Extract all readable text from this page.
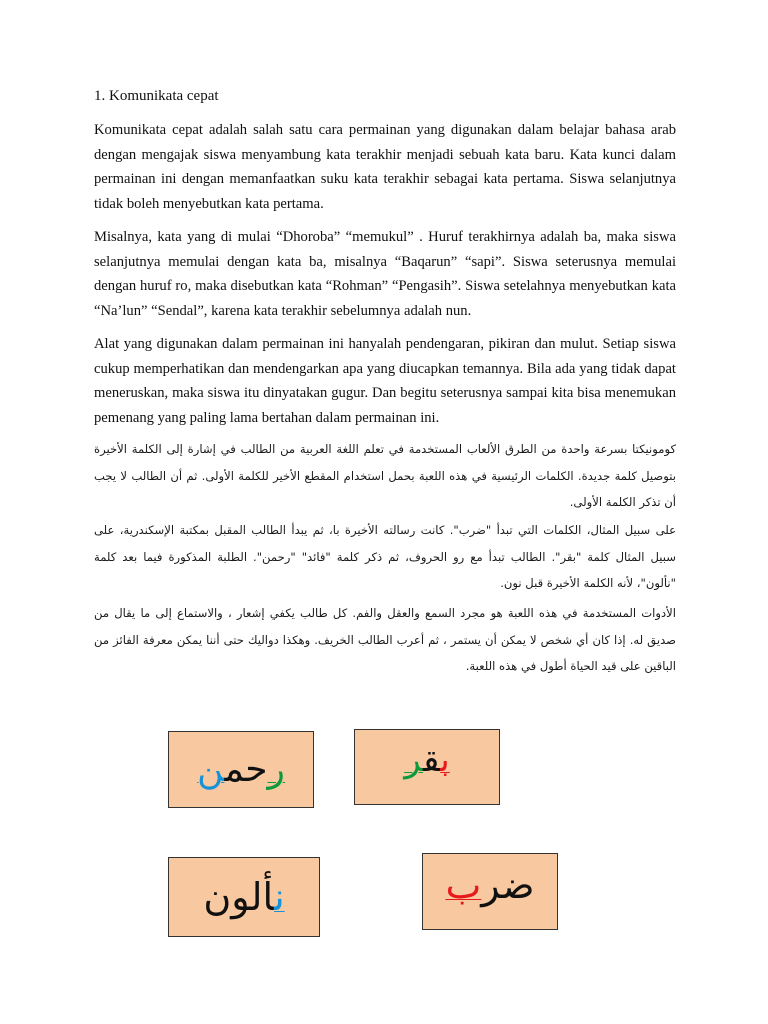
1. Komunikata cepat

Komunikata cepat adalah salah satu cara permainan yang digunakan dalam belajar bahasa arab dengan mengajak siswa menyambung kata terakhir menjadi sebuah kata baru. Kata kunci dalam permainan ini dengan memanfaatkan suku kata terakhir sebagai kata pertama. Siswa selanjutnya tidak boleh menyebutkan kata pertama.

Misalnya, kata yang di mulai “Dhoroba” “memukul” . Huruf terakhirnya adalah ba, maka siswa selanjutnya memulai dengan kata ba, misalnya “Baqarun” “sapi”. Siswa seterusnya memulai dengan huruf ro, maka disebutkan kata “Rohman” “Pengasih”. Siswa setelahnya menyebutkan kata “Na’lun” “Sendal”, karena kata terakhir sebelumnya adalah nun.

Alat yang digunakan dalam permainan ini hanyalah pendengaran, pikiran dan mulut. Setiap siswa cukup memperhatikan dan mendengarkan apa yang diucapkan temannya. Bila ada yang tidak dapat meneruskan, maka siswa itu dinyatakan gugur. Dan begitu seterusnya sampai kita bisa menemukan pemenang yang paling lama bertahan dalam permainan ini.

كومونيكتا بسرعة واحدة من الطرق الألعاب المستخدمة في تعلم اللغة العربية من الطالب في إشارة إلى الكلمة الأخيرة بتوصيل كلمة جديدة. الكلمات الرئيسية في هذه اللعبة بحمل استخدام المقطع الأخير للكلمة الأولى. ثم أن الطالب لا يجب أن تذكر الكلمة الأولى.

على سبيل المثال، الكلمات التي تبدأ "ضرب". كانت رسالته الأخيرة با، ثم يبدأ الطالب المقبل بمكتبة الإسكندرية، على سبيل المثال كلمة "بقر". الطالب تبدأ مع رو الحروف، ثم ذكر كلمة "فائد" "رحمن". الطلبة المذكورة فيما بعد كلمة "نألون"، لأنه الكلمة الأخيرة قبل نون.

الأدوات المستخدمة في هذه اللعبة هو مجرد السمع والعقل والفم. كل طالب يكفي إشعار ، والاستماع إلى ما يقال من صديق له. إذا كان أي شخص لا يمكن أن يستمر ، ثم أعرب الطالب الخريف. وهكذا دواليك حتى أننا يمكن معرفة الفائز من الباقين على قيد الحياة أطول في هذه اللعبة.

رحمن	بقر
نألون	ضرب
